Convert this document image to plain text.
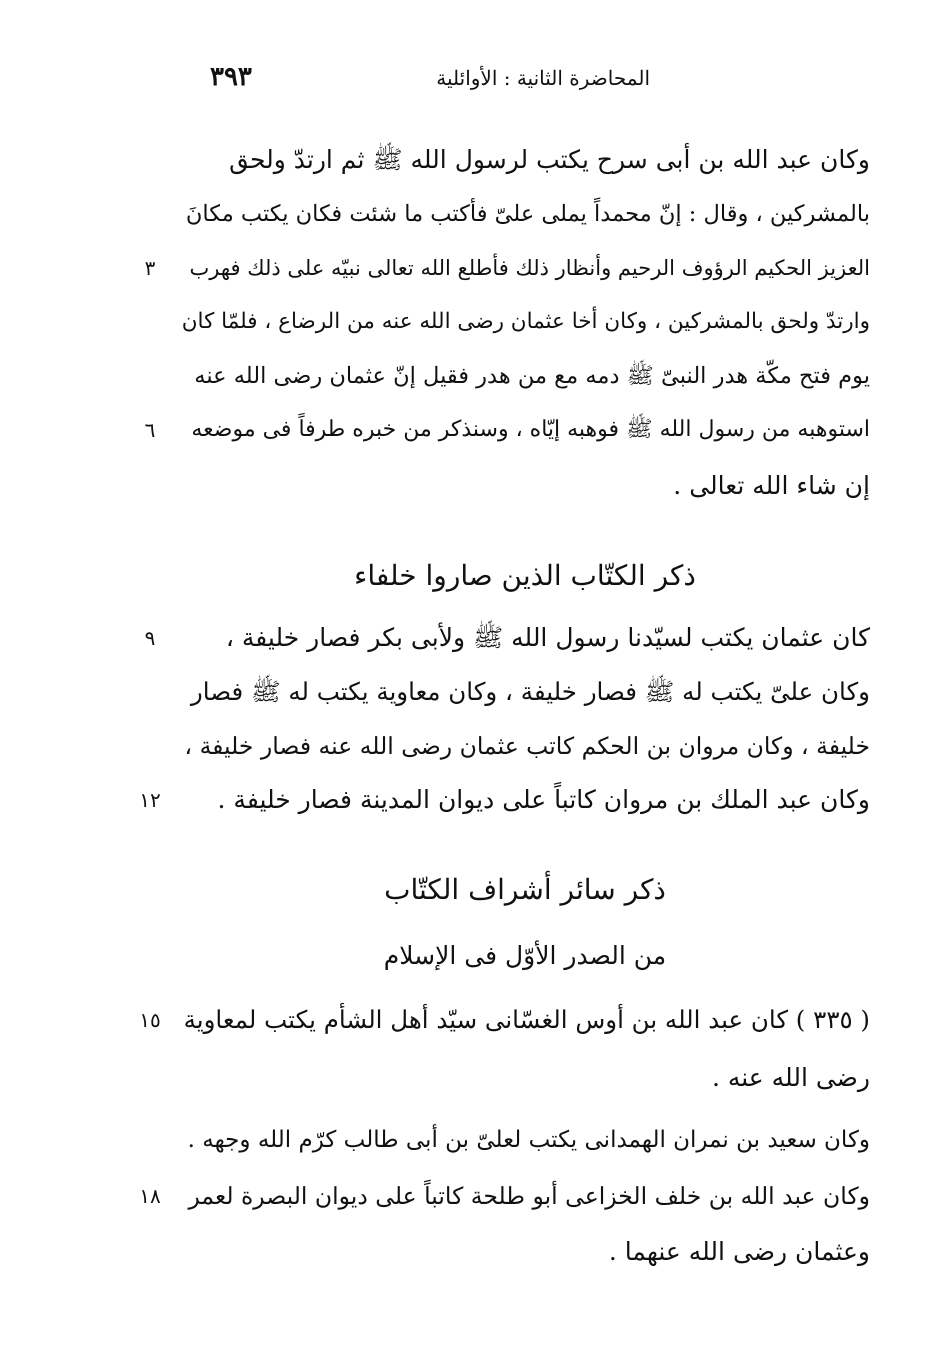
٣٩٣	المحاضرة الثانية : الأوائلية
وكان عبد الله بن أبى سرح يكتب لرسول الله ﷺ ثم ارتدّ ولحق
بالمشركين ، وقال : إنّ محمداً يملى علىّ فأكتب ما شئت فكان يكتب مكانَ
العزيز الحكيم الرؤوف الرحيم وأنظار ذلك فأطلع الله تعالى نبيّه على ذلك فهرب
٣
وارتدّ ولحق بالمشركين ، وكان أخا عثمان رضى الله عنه من الرضاع ، فلمّا كان
يوم فتح مكّة هدر النبىّ ﷺ دمه مع من هدر فقيل إنّ عثمان رضى الله عنه
استوهبه من رسول الله ﷺ فوهبه إيّاه ، وسنذكر من خبره طرفاً فى موضعه
٦
إن شاء الله تعالى .
ذكر الكتّاب الذين صاروا خلفاء
كان عثمان يكتب لسيّدنا رسول الله ﷺ ولأبى بكر فصار خليفة ،
٩
وكان علىّ يكتب له ﷺ فصار خليفة ، وكان معاوية يكتب له ﷺ فصار
خليفة ، وكان مروان بن الحكم كاتب عثمان رضى الله عنه فصار خليفة ،
وكان عبد الملك بن مروان كاتباً على ديوان المدينة فصار خليفة .
١٢
ذكر سائر أشراف الكتّاب
من الصدر الأوّل فى الإسلام
( ٣٣٥ ) كان عبد الله بن أوس الغسّانى سيّد أهل الشأم يكتب لمعاوية
١٥
رضى الله عنه .
وكان سعيد بن نمران الهمدانى يكتب لعلىّ بن أبى طالب كرّم الله وجهه .
وكان عبد الله بن خلف الخزاعى أبو طلحة كاتباً على ديوان البصرة لعمر
١٨
وعثمان رضى الله عنهما .
